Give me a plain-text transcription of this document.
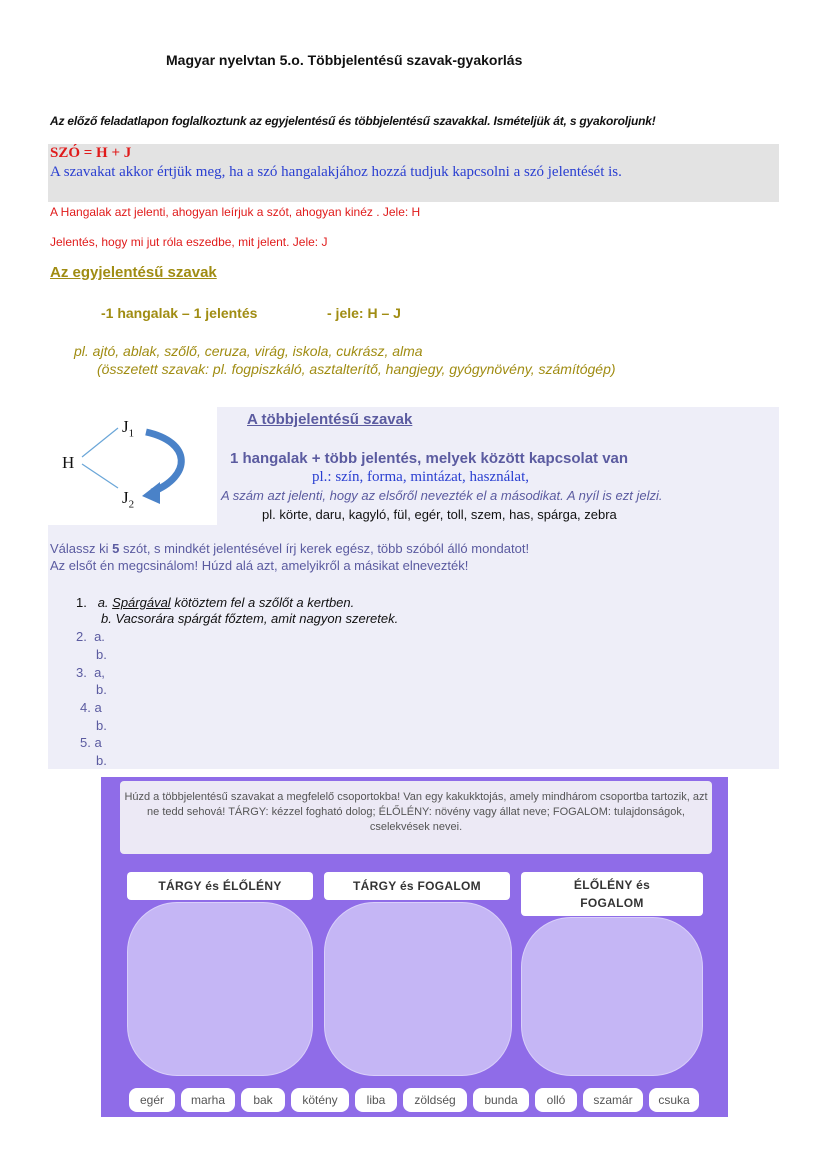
Magyar nyelvtan 5.o. Többjelentésű szavak-gyakorlás
Az előző feladatlapon foglalkoztunk az egyjelentésű és többjelentésű szavakkal. Ismételjük át, s gyakoroljunk!
SZÓ = H + J
A szavakat akkor értjük meg, ha a szó hangalakjához hozzá tudjuk kapcsolni a szó jelentését is.
A Hangalak azt jelenti, ahogyan leírjuk a szót, ahogyan kinéz . Jele: H
Jelentés, hogy mi jut róla eszedbe, mit jelent. Jele: J
Az egyjelentésű szavak
-1 hangalak – 1 jelentés	- jele: H – J
pl. ajtó, ablak, szőlő, ceruza, virág, iskola, cukrász, alma
(összetett szavak: pl. fogpiszkáló, asztalterítő, hangjegy, gyógynövény, számítógép)
$J_1$
H
$J_2$
A többjelentésű szavak
1 hangalak + több jelentés, melyek között kapcsolat van
pl.: szín, forma, mintázat, használat,
A szám azt jelenti, hogy az elsőről nevezték el a másodikat. A nyíl is ezt jelzi.
pl. körte, daru, kagyló, fül, egér, toll, szem, has, spárga, zebra
Válassz ki 5 szót, s mindkét jelentésével írj kerek egész, több szóból álló mondatot!
Az elsőt én megcsinálom! Húzd alá azt, amelyikről a másikat elnevezték!
1. a. Spárgával kötöztem fel a szőlőt a kertben.
b. Vacsorára spárgát főztem, amit nagyon szeretek.
2. a.
b.
3. a,
b.
4. a
b.
5. a
b.
Húzd a többjelentésű szavakat a megfelelő csoportokba! Van egy kakukktojás, amely mindhárom csoportba tartozik, azt ne tedd sehová! TÁRGY: kézzel fogható dolog; ÉLŐLÉNY: növény vagy állat neve; FOGALOM: tulajdonságok, cselekvések nevei.
TÁRGY és ÉLŐLÉNY	TÁRGY és FOGALOM	ÉLŐLÉNY és FOGALOM
egér	marha	bak	kötény	liba	zöldség	bunda	olló	szamár	csuka
